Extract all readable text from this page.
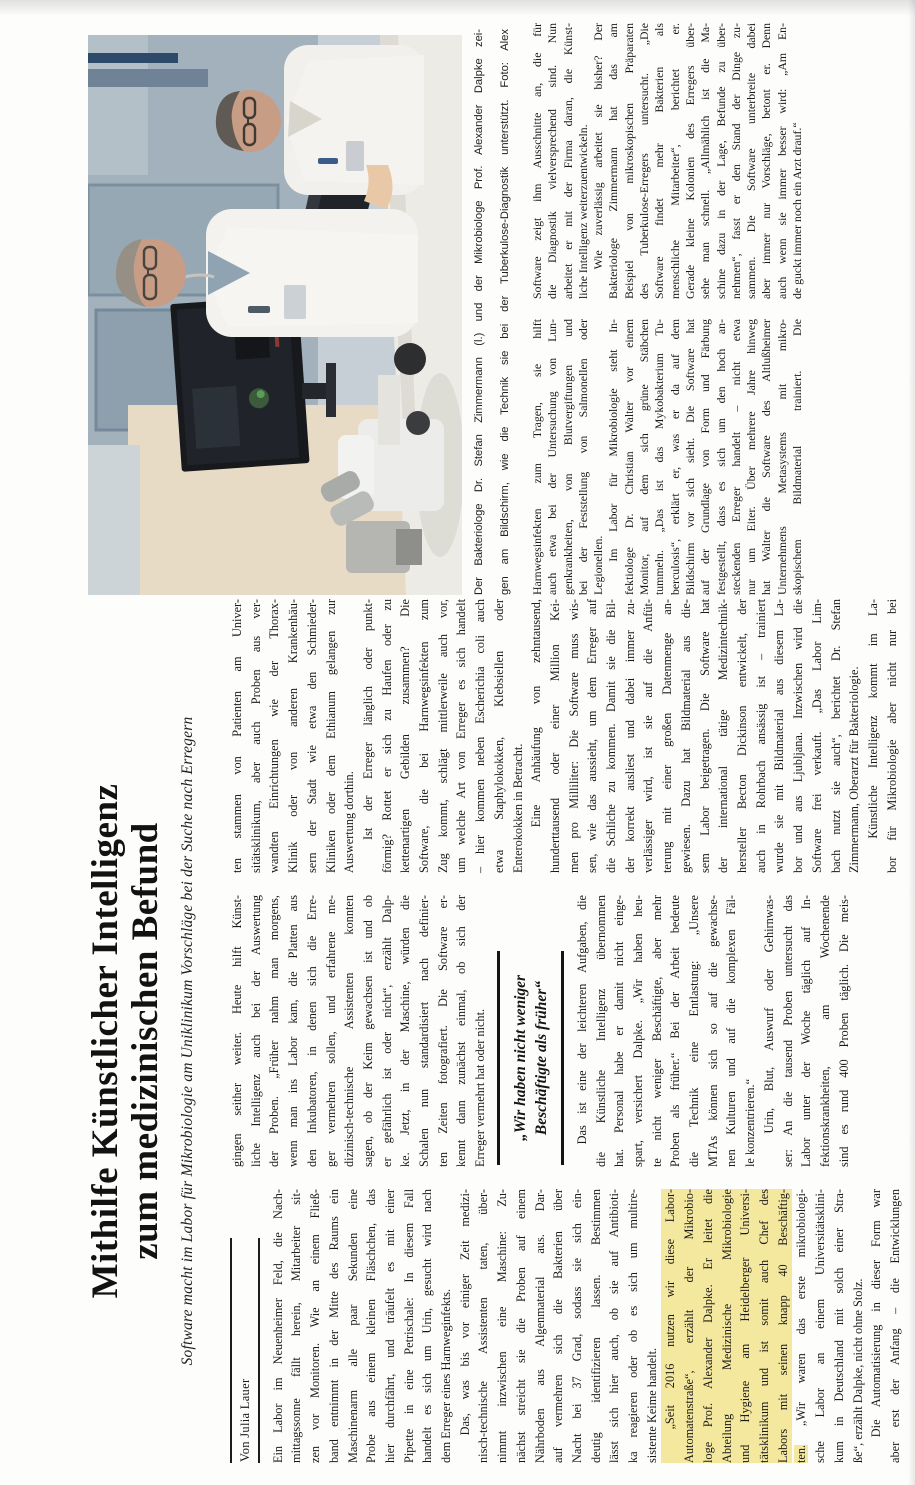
Mithilfe Künstlicher Intelligenz zum medizinischen Befund Software macht im Labor für Mikrobiologie am Uniklinikum Vorschläge bei der Suche nach Erregern
Von Julia Lauer	Ein Labor im Neuenheimer Feld, die Nach- mittagssonne fällt herein, Mitarbeiter sit- zen vor Monitoren. Wie an einem Fließ- band entnimmt in der Mitte des Raums ein Maschinenarm alle paar Sekunden eine Probe aus einem kleinen Fläschchen, das hier durchfährt, und träufelt es mit einer Pipette in eine Petrischale: In diesem Fall handelt es sich um Urin, gesucht wird nach dem Erreger eines Harnweginfekts. Das, was bis vor einiger Zeit medizi- nisch-technische Assistenten taten, über- nimmt inzwischen eine Maschine: Zu- nächst streicht sie die Proben auf einem Nährboden aus Algenmaterial aus. Dar- auf vermehren sich die Bakterien über Nacht bei 37 Grad, sodass sie sich ein- deutig identifizieren lassen. Bestimmen lässt sich hier auch, ob sie auf Antibioti- ka reagieren oder ob es sich um multire- sistente Keime handelt. „Seit 2016 nutzen wir diese Labor- Automatenstraße“, erzählt der Mikrobio- loge Prof. Alexander Dalpke. Er leitet die Abteilung Medizinische Mikrobiologie und Hygiene am Heidelberger Universi- tätsklinikum und ist somit auch Chef des Labors mit seinen knapp 40 Beschäftig- ten. „Wir waren das erste mikrobiologi- sche Labor an einem Universitätsklini- kum in Deutschland mit solch einer Stra- ße“, erzählt Dalpke, nicht ohne Stolz. Die Automatisierung in dieser Form war aber erst der Anfang – die Entwicklungen
gingen seither weiter. Heute hilft Künst- liche Intelligenz auch bei der Auswertung der Proben. „Früher nahm man morgens, wenn man ins Labor kam, die Platten aus den Inkubatoren, in denen sich die Erre- ger vermehren sollen, und erfahrene me- dizinisch-technische Assistenten konnten sagen, ob der Keim gewachsen ist und ob er gefährlich ist oder nicht“, erzählt Dalp- ke. Jetzt, in der Maschine, würden die Schalen nun standardisiert nach definier- ten Zeiten fotografiert. Die Software er- kennt dann zunächst einmal, ob sich der Erreger vermehrt hat oder nicht. „Wir haben nicht weniger Beschäftigte als früher“ Das ist eine der leichteren Aufgaben, die die Künstliche Intelligenz übernommen hat. Personal habe er damit nicht einge- spart, versichert Dalpke. „Wir haben heu- te nicht weniger Beschäftigte, aber mehr Proben als früher.“ Bei der Arbeit bedeute die Technik eine Entlastung: „Unsere MTAs können sich so auf die gewachse- nen Kulturen und auf die komplexen Fäl- le konzentrieren.“ Urin, Blut, Auswurf oder Gehirnwas- ser: An die tausend Proben untersucht das Labor unter der Woche täglich auf In- fektionskrankheiten, am Wochenende sind es rund 400 Proben täglich. Die meis-
ten stammen von Patienten am Univer- sitätsklinikum, aber auch Proben aus ver- wandten Einrichtungen wie der Thorax- Klinik oder von anderen Krankenhäu- sern der Stadt wie etwa den Schmieder- Kliniken oder dem Ethianum gelangen zur Auswertung dorthin. Ist der Erreger länglich oder punkt- förmig? Rottet er sich zu Haufen oder zu kettenartigen Gebilden zusammen? Die Software, die bei Harnwegsinfekten zum Zug kommt, schlägt mittlerweile auch vor, um welche Art von Erreger es sich handelt – hier kommen neben Escherichia coli auch etwa Staphylokokken, Klebsiellen oder Enterokokken in Betracht. Eine Anhäufung von zehntausend, hunderttausend oder einer Million Kei- men pro Milliliter: Die Software muss wis- sen, wie das aussieht, um dem Erreger auf die Schliche zu kommen. Damit sie die Bil- der korrekt ausliest und dabei immer zu- verlässiger wird, ist sie auf die Anfüt- terung mit einer großen Datenmenge an- gewiesen. Dazu hat Bildmaterial aus die- sem Labor beigetragen. Die Software hat der international tätige Medizintechnik- hersteller Becton Dickinson entwickelt, der auch in Rohrbach ansässig ist – trainiert wurde sie mit Bildmaterial aus diesem La- bor und aus Ljubljana. Inzwischen wird die Software frei verkauft. „Das Labor Lim- bach nutzt sie auch“, berichtet Dr. Stefan Zimmermann, Oberarzt für Bakteriologie. Künstliche Intelligenz kommt im La- bor für Mikrobiologie aber nicht nur bei
Der Bakteriologe Dr. Stefan Zimmermann (l.) und der Mikrobiologe Prof. Alexander Dalpke zei-	gen am Bildschirm, wie die Technik sie bei der Tuberkulose-Diagnostik unterstützt. Foto: Alex	Harnwegsinfekten zum Tragen, sie hilft auch etwa bei der Untersuchung von Lun- genkrankheiten, von Blutvergiftungen und bei der Feststellung von Salmonellen oder Legionellen. Im Labor für Mikrobiologie steht In- fektiologe Dr. Christian Walter vor einem Monitor, auf dem sich grüne Stäbchen tummeln. „Das ist das Mykobakterium Tu- berculosis“, erklärt er, was er da auf dem Bildschirm vor sich sieht. Die Software hat auf der Grundlage von Form und Färbung festgestellt, dass es sich um den hoch an- steckenden Erreger handelt – nicht etwa nur um Eiter. Über mehrere Jahre hinweg hat Walter die Software des Altlußheimer Unternehmens Metasystems mit mikro- skopischem Bildmaterial trainiert. Die
Software zeigt ihm Ausschnitte an, die für die Diagnostik vielversprechend sind. Nun arbeitet er mit der Firma daran, die Künst- liche Intelligenz weiterzuentwickeln. Wie zuverlässig arbeitet sie bisher? Der Bakteriologe Zimmermann hat das am Beispiel von mikroskopischen Präparaten des Tuberkulose-Erregers untersucht. „Die Software findet mehr Bakterien als menschliche Mitarbeiter“, berichtet er. Gerade kleine Kolonien des Erregers über- sehe man schnell. „Allmählich ist die Ma- schine dazu in der Lage, Befunde zu über- nehmen“, fasst er den Stand der Dinge zu- sammen. Die Software unterbreite dabei aber immer nur Vorschläge, betont er. Denn auch wenn sie immer besser wird: „Am En- de guckt immer noch ein Arzt drauf.“
